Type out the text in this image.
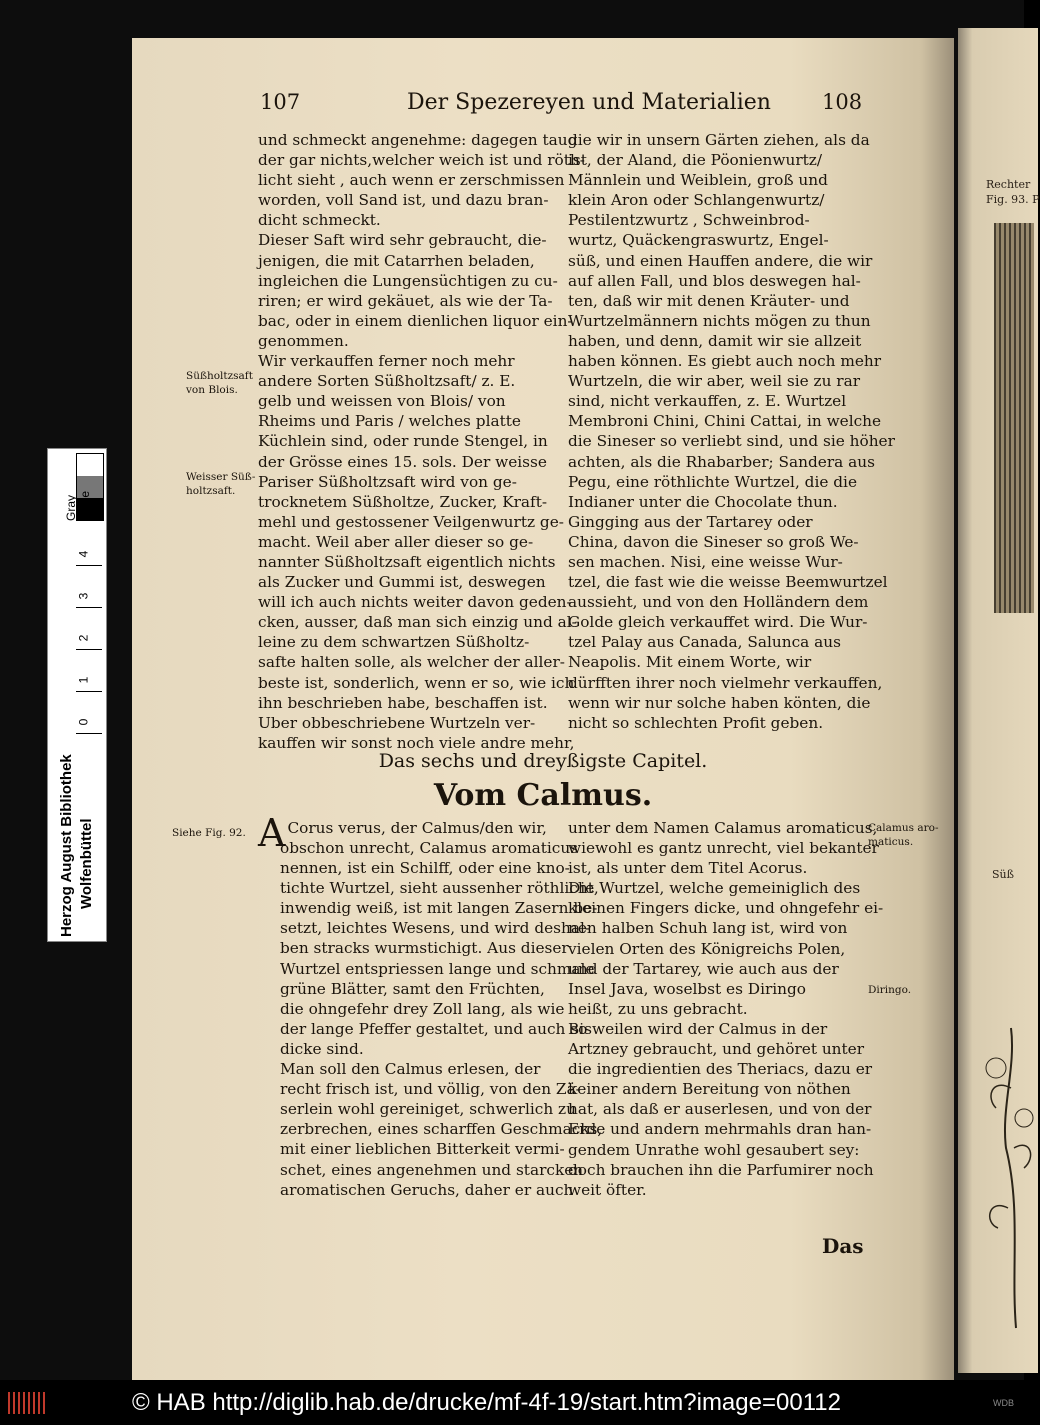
107	Der Spezereyen und Materialien 108

und schmeckt angenehme: dagegen taug

der gar nichts,welcher weich ist und röth-

licht sieht , auch wenn er zerschmissen

worden, voll Sand ist, und dazu bran-

dicht schmeckt.

Dieser Saft wird sehr gebraucht, die-

jenigen, die mit Catarrhen beladen,

ingleichen die Lungensüchtigen zu cu-

riren; er wird gekäuet, als wie der Ta-

bac, oder in einem dienlichen liquor ein-

genommen.

Wir verkauffen ferner noch mehr

andere Sorten Süßholtzsaft/ z. E.

gelb und weissen von Blois/ von

Rheims und Paris / welches platte

Küchlein sind, oder runde Stengel, in

der Grösse eines 15. sols. Der weisse

Pariser Süßholtzsaft wird von ge-

trocknetem Süßholtze, Zucker, Kraft-

mehl und gestossener Veilgenwurtz ge-

macht. Weil aber aller dieser so ge-

nannter Süßholtzsaft eigentlich nichts

als Zucker und Gummi ist, deswegen

will ich auch nichts weiter davon geden-

cken, ausser, daß man sich einzig und al-

leine zu dem schwartzen Süßholtz-

safte halten solle, als welcher der aller-

beste ist, sonderlich, wenn er so, wie ich

ihn beschrieben habe, beschaffen ist.

Uber obbeschriebene Wurtzeln ver-

kauffen wir sonst noch viele andre mehr,

die wir in unsern Gärten ziehen, als da

ist, der Aland, die Pöonienwurtz/

Männlein und Weiblein, groß und

klein Aron oder Schlangenwurtz/

Pestilentzwurtz , Schweinbrod-

wurtz, Quäckengraswurtz, Engel-

süß, und einen Hauffen andere, die wir

auf allen Fall, und blos deswegen hal-

ten, daß wir mit denen Kräuter- und

Wurtzelmännern nichts mögen zu thun

haben, und denn, damit wir sie allzeit

haben können. Es giebt auch noch mehr

Wurtzeln, die wir aber, weil sie zu rar

sind, nicht verkauffen, z. E. Wurtzel

Membroni Chini, Chini Cattai, in welche

die Sineser so verliebt sind, und sie höher

achten, als die Rhabarber; Sandera aus

Pegu, eine röthlichte Wurtzel, die die

Indianer unter die Chocolate thun.

Gingging aus der Tartarey oder

China, davon die Sineser so groß We-

sen machen. Nisi, eine weisse Wur-

tzel, die fast wie die weisse Beemwurtzel

aussieht, und von den Holländern dem

Golde gleich verkauffet wird. Die Wur-

tzel Palay aus Canada, Salunca aus

Neapolis. Mit einem Worte, wir

dürfften ihrer noch vielmehr verkauffen,

wenn wir nur solche haben könten, die

nicht so schlechten Profit geben.

Süßholtzsaft
von Blois.
Weisser Süß-
holtzsaft.
Das sechs und dreyßigste Capitel.
Vom Calmus.
Siehe Fig. 92. A Corus verus, der Calmus/den wir,

obschon unrecht, Calamus aromaticus

nennen, ist ein Schilff, oder eine kno-

tichte Wurtzel, sieht aussenher röthlicht,

inwendig weiß, ist mit langen Zasern be-

setzt, leichtes Wesens, und wird deshal-

ben stracks wurmstichigt. Aus dieser

Wurtzel entspriessen lange und schmale

grüne Blätter, samt den Früchten,

die ohngefehr drey Zoll lang, als wie

der lange Pfeffer gestaltet, und auch so

dicke sind.

Man soll den Calmus erlesen, der

recht frisch ist, und völlig, von den Zä-

serlein wohl gereiniget, schwerlich zu

zerbrechen, eines scharffen Geschmacks,

mit einer lieblichen Bitterkeit vermi-

schet, eines angenehmen und starcken

aromatischen Geruchs, daher er auch

unter dem Namen Calamus aromaticus,

wiewohl es gantz unrecht, viel bekanter

ist, als unter dem Titel Acorus.

Die Wurtzel, welche gemeiniglich des

kleinen Fingers dicke, und ohngefehr ei-

nen halben Schuh lang ist, wird von

vielen Orten des Königreichs Polen,

und der Tartarey, wie auch aus der

Insel Java, woselbst es Diringo

heißt, zu uns gebracht.

Bisweilen wird der Calmus in der

Artzney gebraucht, und gehöret unter

die ingredientien des Theriacs, dazu er

keiner andern Bereitung von nöthen

hat, als daß er auserlesen, und von der

Erde und andern mehrmahls dran han-

gendem Unrathe wohl gesaubert sey:

doch brauchen ihn die Parfumirer noch

weit öfter.

Calamus aro-
maticus.
Diringo.
Das
Rechter
Fig. 93. P
Süß
Gray Scale
0
1
2
3
4
Herzog August Bibliothek Wolfenbüttel
© HAB http://diglib.hab.de/drucke/mf-4f-19/start.htm?image=00112	WDB
